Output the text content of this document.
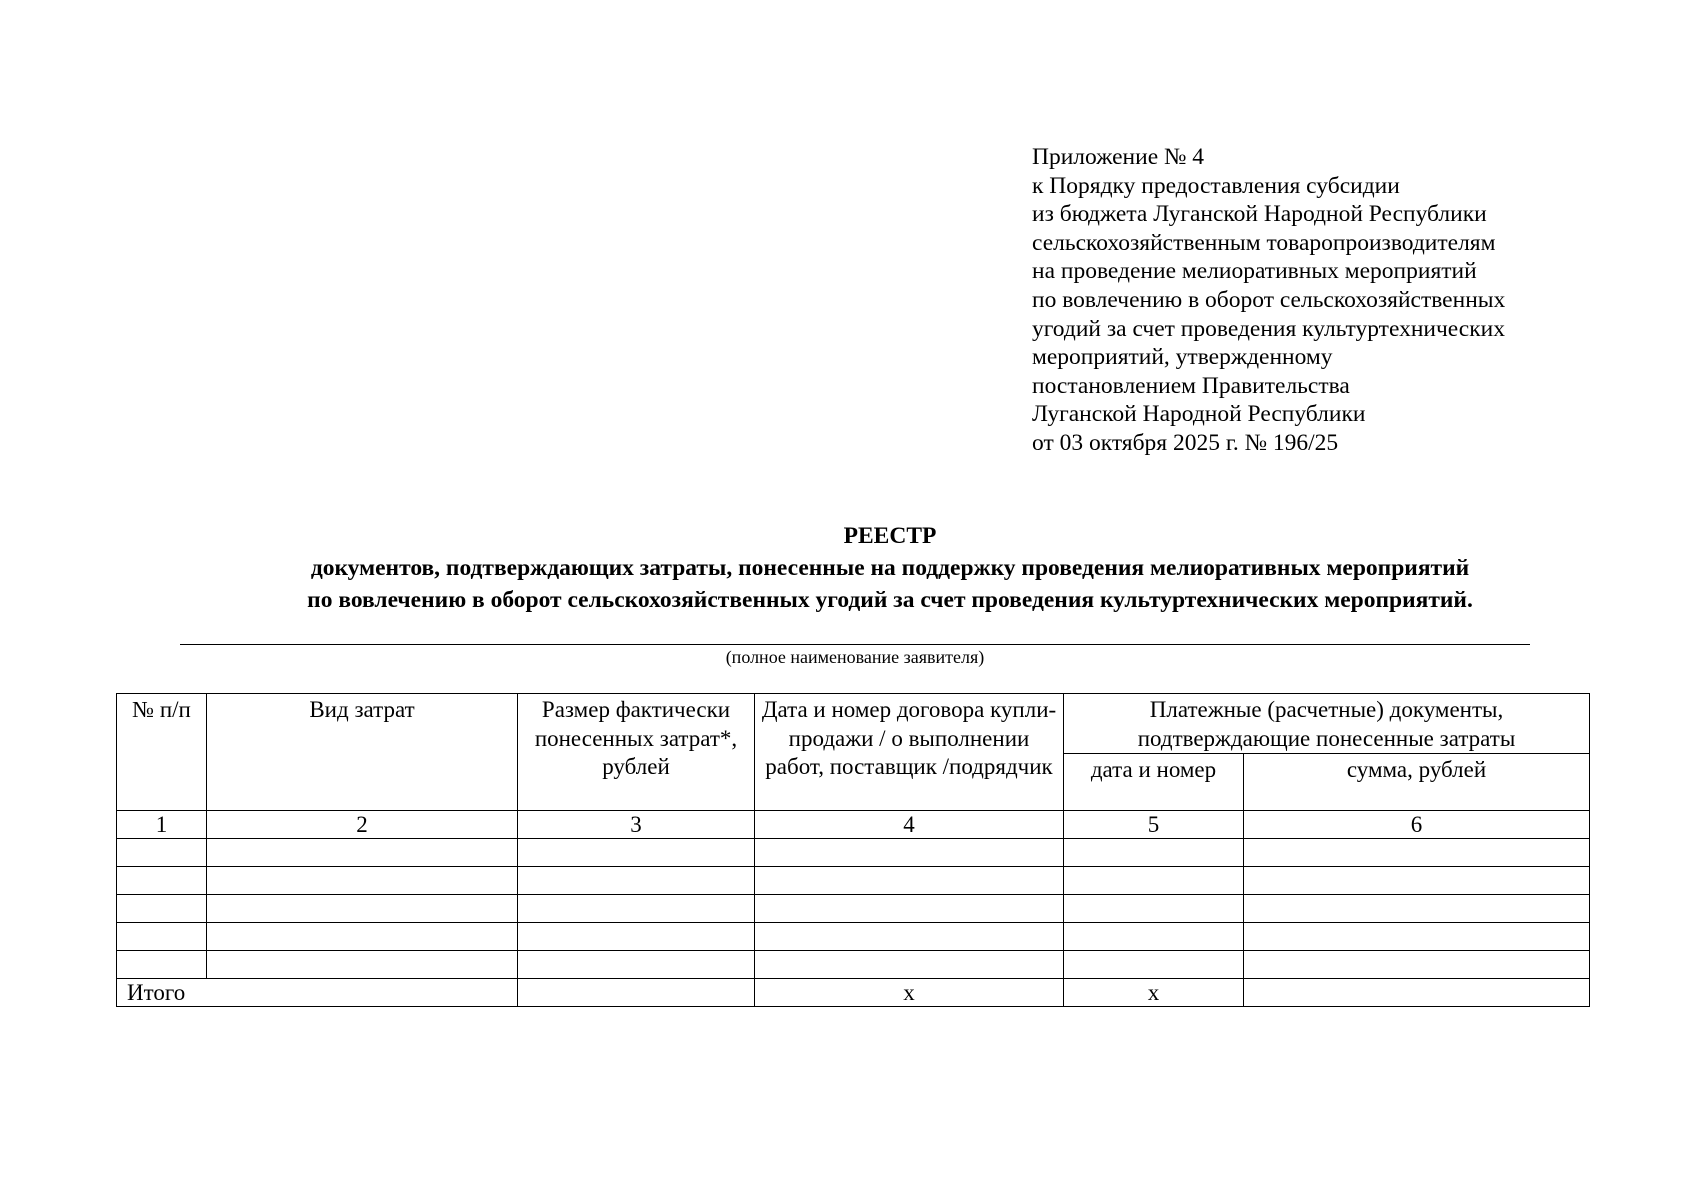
Приложение № 4
к Порядку предоставления субсидии
из бюджета Луганской Народной Республики
сельскохозяйственным товаропроизводителям
на проведение мелиоративных мероприятий
по вовлечению в оборот сельскохозяйственных
угодий за счет проведения культуртехнических
мероприятий, утвержденному
постановлением Правительства
Луганской Народной Республики
от 03 октября 2025 г. № 196/25
РЕЕСТР
документов, подтверждающих затраты, понесенные на поддержку проведения мелиоративных мероприятий
по вовлечению в оборот сельскохозяйственных угодий за счет проведения культуртехнических мероприятий.
(полное наименование заявителя)
№ п/п	Вид затрат	Размер фактически понесенных затрат*, рублей	Дата и номер договора купли-продажи / о выполнении работ, поставщик /подрядчик	Платежные (расчетные) документы, подтверждающие понесенные затраты	
				дата и номер	сумма, рублей
1	2	3	4	5	6

Итого			х	х	
